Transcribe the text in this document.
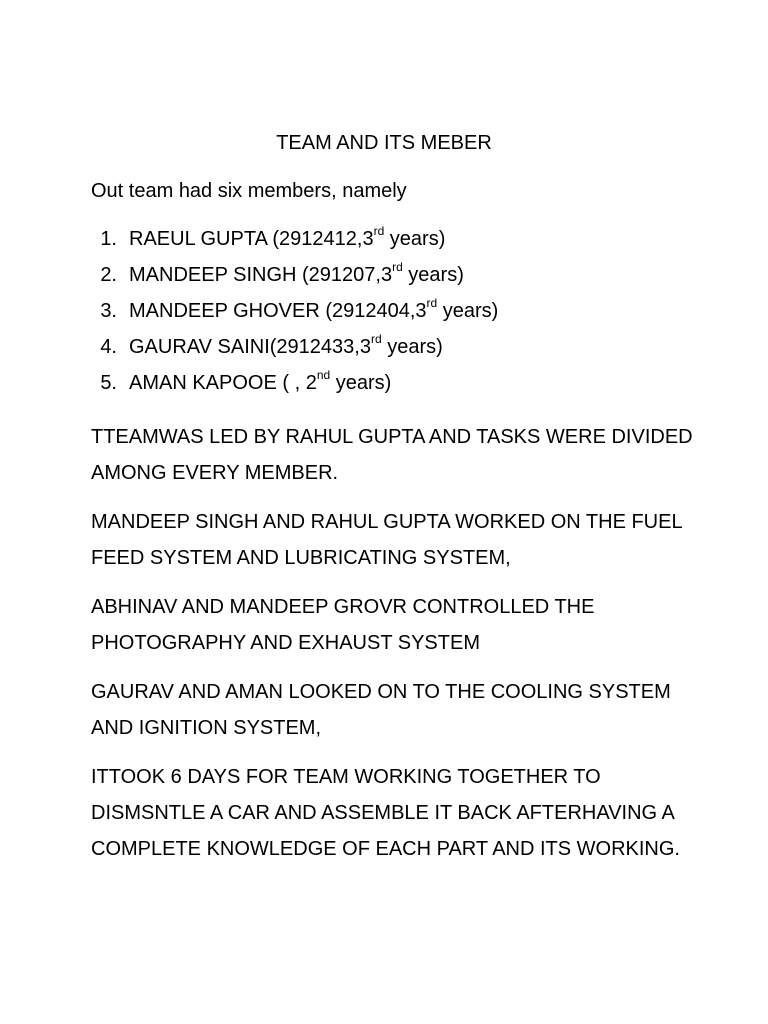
TEAM AND ITS MEBER
Out team had six members, namely
1. RAEUL GUPTA (2912412,3rd years)
2. MANDEEP SINGH (291207,3rd years)
3. MANDEEP GHOVER (2912404,3rd years)
4. GAURAV SAINI(2912433,3rd years)
5. AMAN KAPOOE ( , 2nd years)

TTEAMWAS LED BY RAHUL GUPTA AND TASKS WERE DIVIDED AMONG EVERY MEMBER.

MANDEEP SINGH AND RAHUL GUPTA WORKED ON THE FUEL FEED SYSTEM AND LUBRICATING SYSTEM,

ABHINAV AND MANDEEP GROVR CONTROLLED THE PHOTOGRAPHY AND EXHAUST SYSTEM

GAURAV AND AMAN LOOKED ON TO THE COOLING SYSTEM AND IGNITION SYSTEM,

ITTOOK 6 DAYS FOR TEAM WORKING TOGETHER TO DISMSNTLE A CAR AND ASSEMBLE IT BACK AFTERHAVING A COMPLETE KNOWLEDGE OF EACH PART AND ITS WORKING.
